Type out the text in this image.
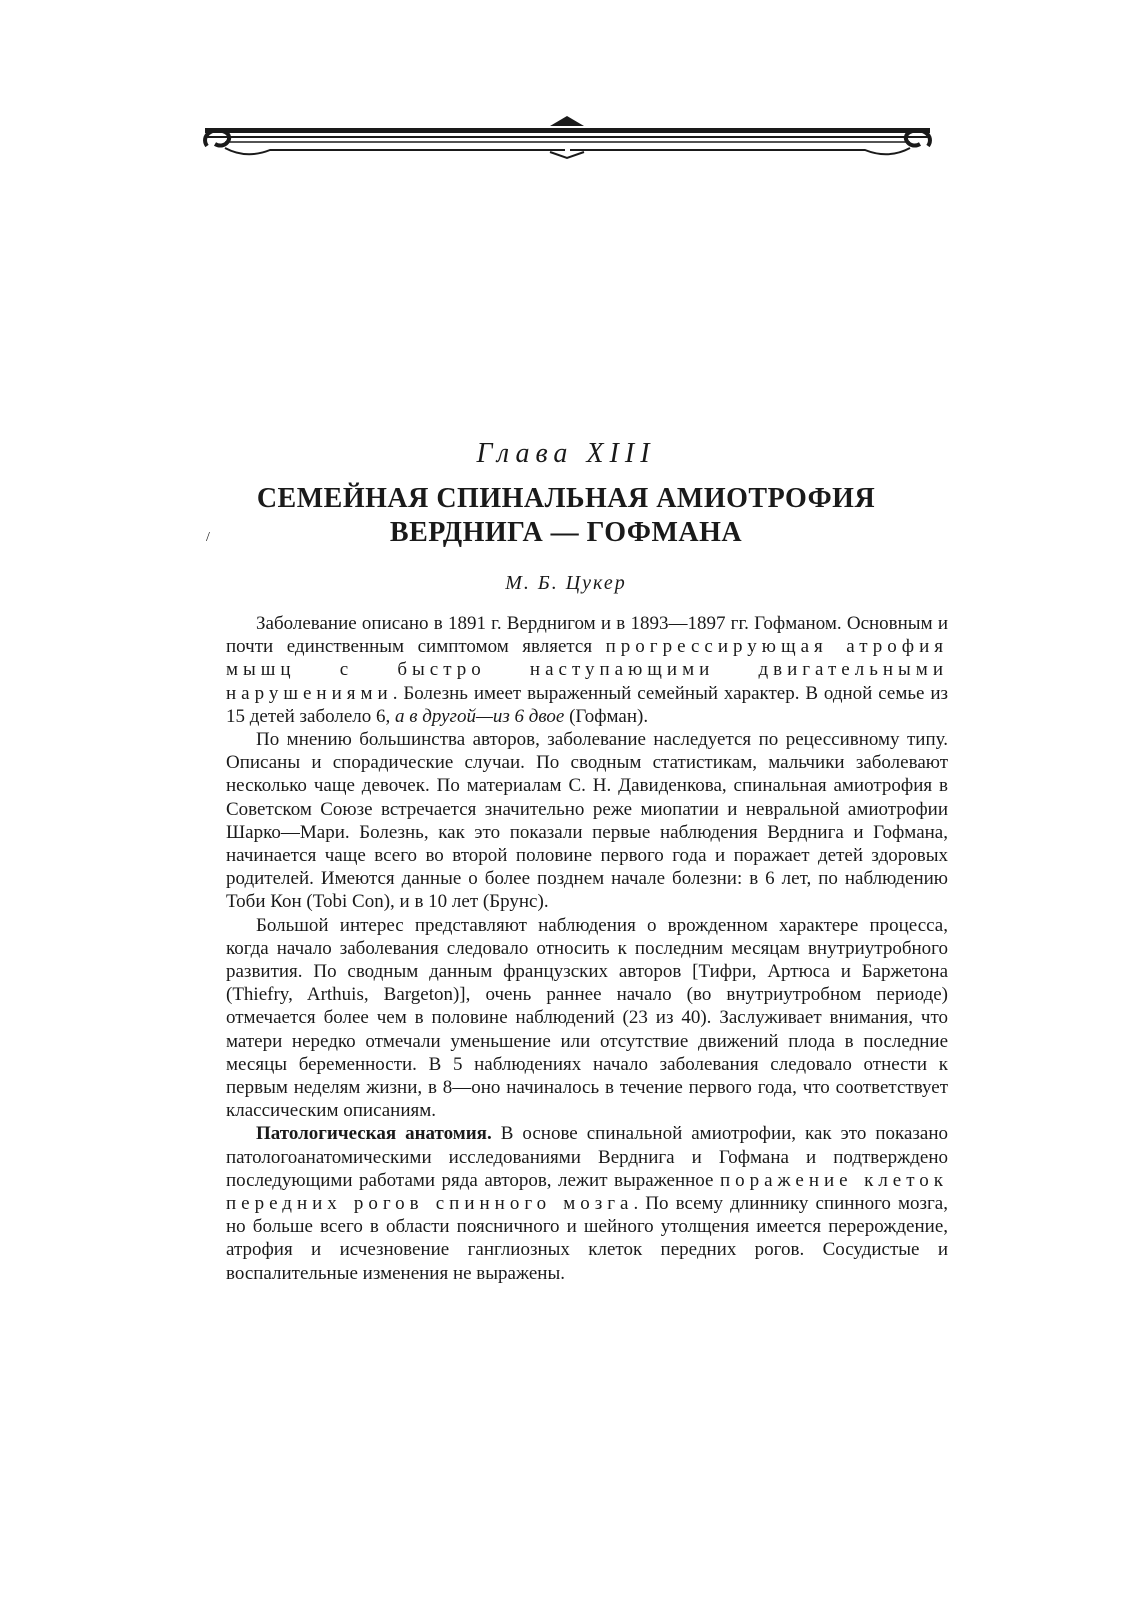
Глава XIII
СЕМЕЙНАЯ СПИНАЛЬНАЯ АМИОТРОФИЯ
ВЕРДНИГА — ГОФМАНА
/
М. Б. Цукер

Заболевание описано в 1891 г. Верднигом и в 1893—1897 гг. Гофманом. Основным и почти единственным симптомом является прогрессирующая атрофия мышц с быстро наступающими двигательными нарушениями. Болезнь имеет выраженный семейный характер. В одной семье из 15 детей заболело 6, а в другой—из 6 двое (Гофман).

По мнению большинства авторов, заболевание наследуется по рецессивному типу. Описаны и спорадические случаи. По сводным статистикам, мальчики заболевают несколько чаще девочек. По материалам С. Н. Давиденкова, спинальная амиотрофия в Советском Союзе встречается значительно реже миопатии и невральной амиотрофии Шарко—Мари. Болезнь, как это показали первые наблюдения Верднига и Гофмана, начинается чаще всего во второй половине первого года и поражает детей здоровых родителей. Имеются данные о более позднем начале болезни: в 6 лет, по наблюдению Тоби Кон (Tobi Con), и в 10 лет (Брунс).

Большой интерес представляют наблюдения о врожденном характере процесса, когда начало заболевания следовало относить к последним месяцам внутриутробного развития. По сводным данным французских авторов [Тифри, Артюса и Баржетона (Thiefry, Arthuis, Bargeton)], очень раннее начало (во внутриутробном периоде) отмечается более чем в половине наблюдений (23 из 40). Заслуживает внимания, что матери нередко отмечали уменьшение или отсутствие движений плода в последние месяцы беременности. В 5 наблюдениях начало заболевания следовало отнести к первым неделям жизни, в 8—оно начиналось в течение первого года, что соответствует классическим описаниям.

Патологическая анатомия. В основе спинальной амиотрофии, как это показано патологоанатомическими исследованиями Верднига и Гофмана и подтверждено последующими работами ряда авторов, лежит выраженное поражение клеток передних рогов спинного мозга. По всему длиннику спинного мозга, но больше всего в области поясничного и шейного утолщения имеется перерождение, атрофия и исчезновение ганглиозных клеток передних рогов. Сосудистые и воспалительные изменения не выражены.
